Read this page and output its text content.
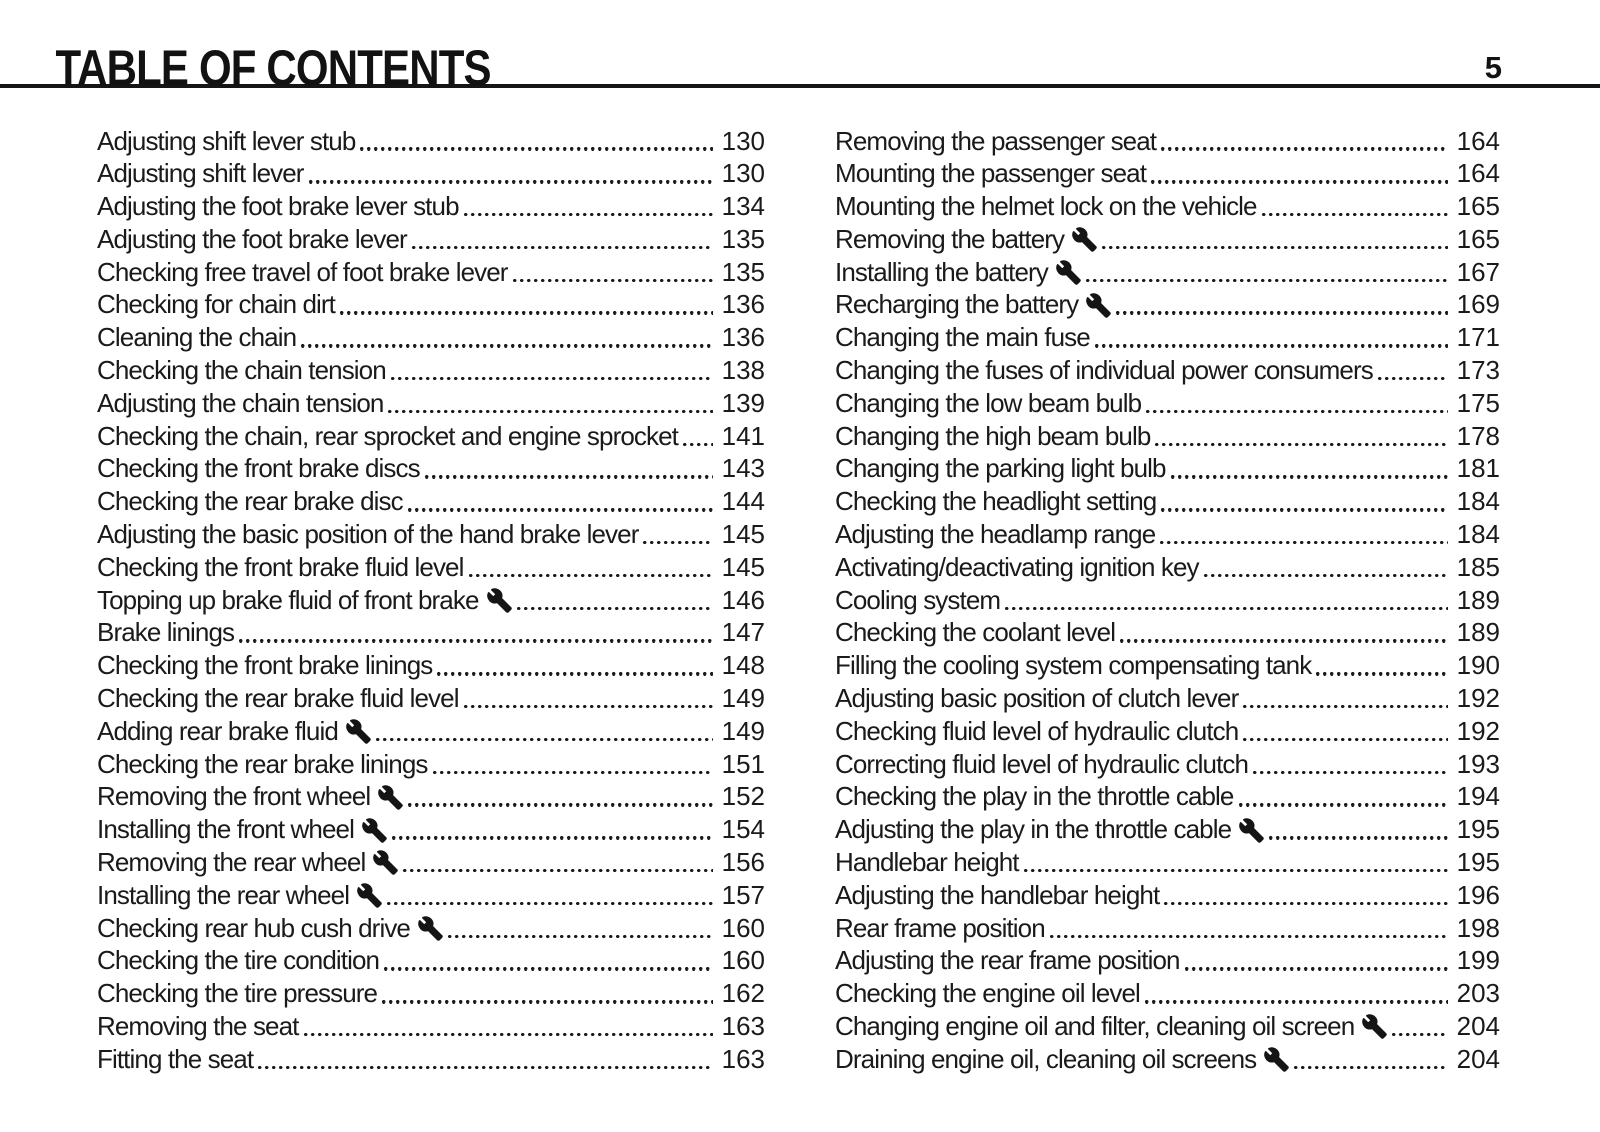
TABLE OF CONTENTS	5
Adjusting shift lever stub	130
Adjusting shift lever	130
Adjusting the foot brake lever stub	134
Adjusting the foot brake lever	135
Checking free travel of foot brake lever	135
Checking for chain dirt	136
Cleaning the chain	136
Checking the chain tension	138
Adjusting the chain tension	139
Checking the chain, rear sprocket and engine sprocket 141
Checking the front brake discs	143
Checking the rear brake disc	144
Adjusting the basic position of the hand brake lever	145
Checking the front brake fluid level	145
Topping up brake fluid of front brake	146
Brake linings	147
Checking the front brake linings	148
Checking the rear brake fluid level	149
Adding rear brake fluid	149
Checking the rear brake linings	151
Removing the front wheel	152
Installing the front wheel	154
Removing the rear wheel	156
Installing the rear wheel	157
Checking rear hub cush drive	160
Checking the tire condition	160
Checking the tire pressure	162
Removing the seat	163
Fitting the seat	163
Removing the passenger seat	164
Mounting the passenger seat	164
Mounting the helmet lock on the vehicle	165
Removing the battery	165
Installing the battery	167
Recharging the battery	169
Changing the main fuse	171
Changing the fuses of individual power consumers	173
Changing the low beam bulb	175
Changing the high beam bulb	178
Changing the parking light bulb	181
Checking the headlight setting	184
Adjusting the headlamp range	184
Activating/deactivating ignition key	185
Cooling system	189
Checking the coolant level	189
Filling the cooling system compensating tank	190
Adjusting basic position of clutch lever	192
Checking fluid level of hydraulic clutch	192
Correcting fluid level of hydraulic clutch	193
Checking the play in the throttle cable	194
Adjusting the play in the throttle cable	195
Handlebar height	195
Adjusting the handlebar height	196
Rear frame position	198
Adjusting the rear frame position	199
Checking the engine oil level	203
Changing engine oil and filter, cleaning oil screen	204
Draining engine oil, cleaning oil screens	204
